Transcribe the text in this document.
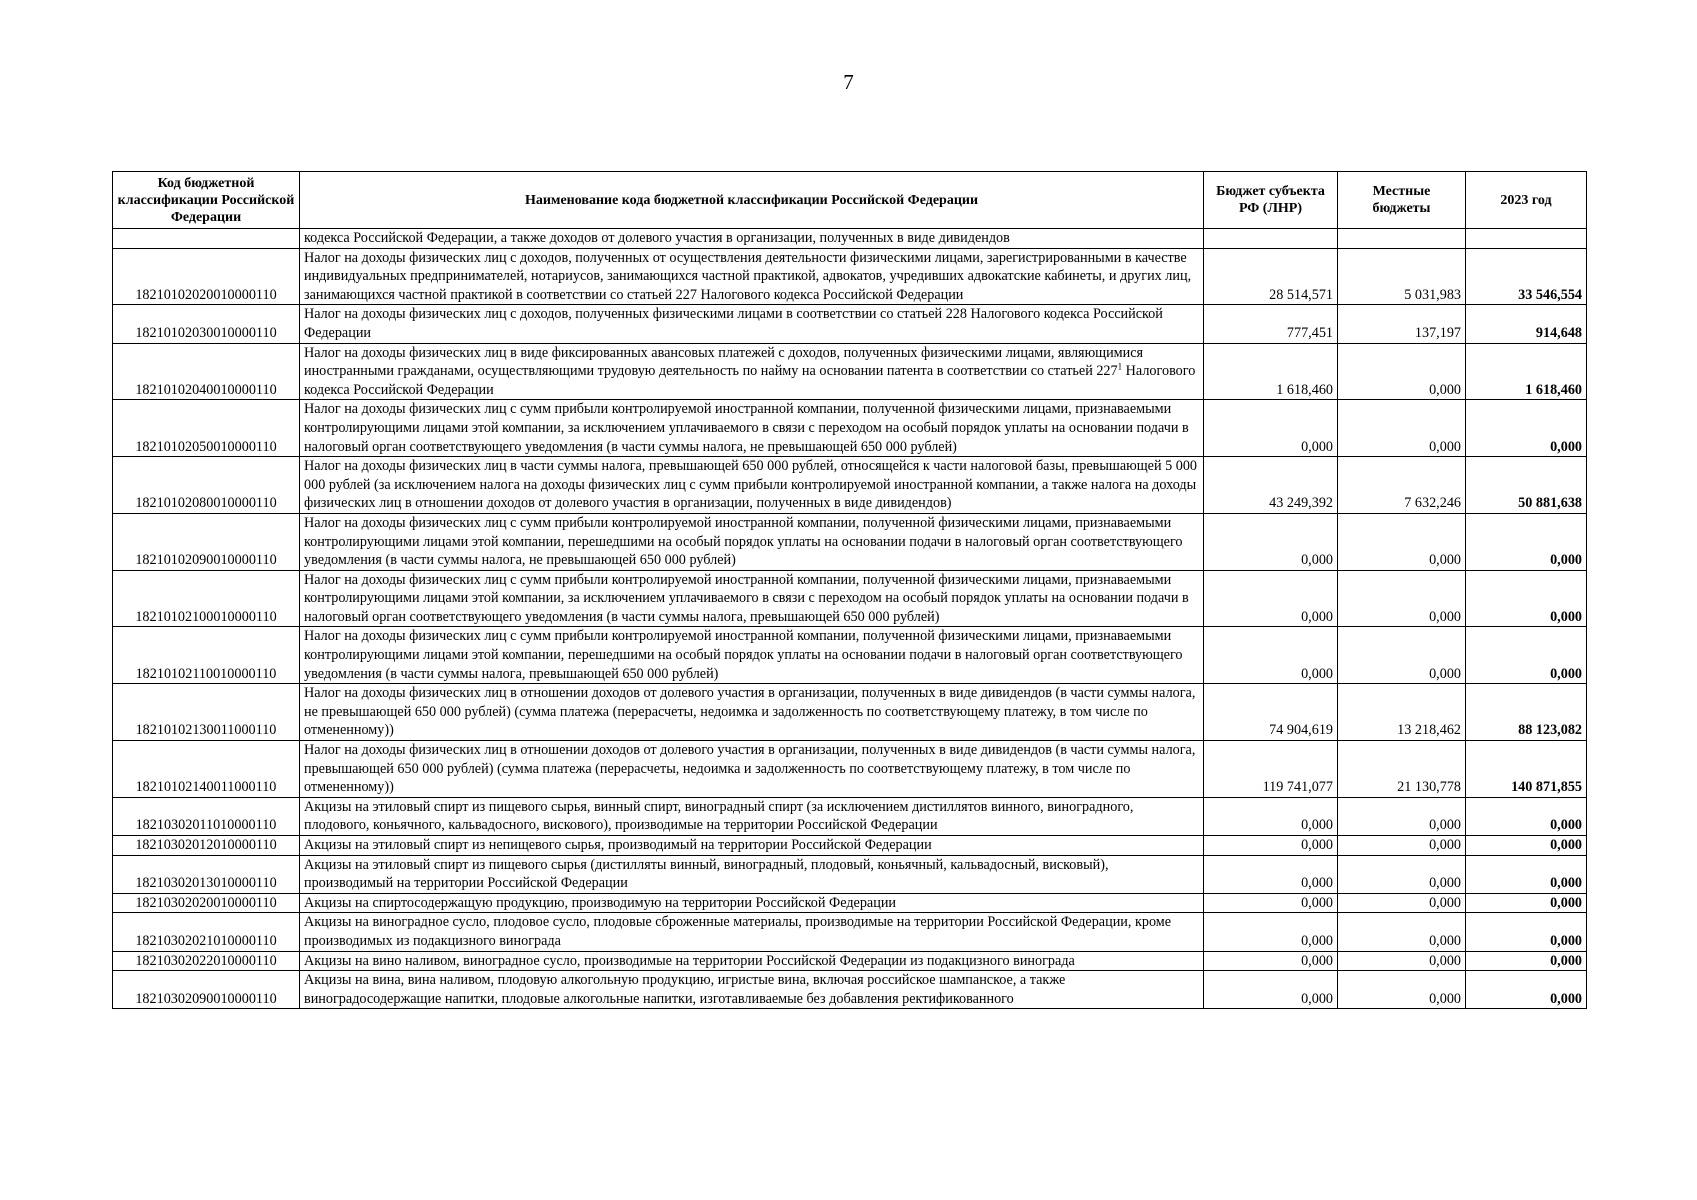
7
Код бюджетной классификации Российской Федерации	Наименование кода бюджетной классификации Российской Федерации	Бюджет субъекта РФ (ЛНР)	Местные бюджеты	2023 год
	кодекса Российской Федерации, а также доходов от долевого участия в организации, полученных в виде дивидендов			
18210102020010000110	Налог на доходы физических лиц с доходов, полученных от осуществления деятельности физическими лицами, зарегистрированными в качестве индивидуальных предпринимателей, нотариусов, занимающихся частной практикой, адвокатов, учредивших адвокатские кабинеты, и других лиц, занимающихся частной практикой в соответствии со статьей 227 Налогового кодекса Российской Федерации	28 514,571	5 031,983	33 546,554
18210102030010000110	Налог на доходы физических лиц с доходов, полученных физическими лицами в соответствии со статьей 228 Налогового кодекса Российской Федерации	777,451	137,197	914,648
18210102040010000110	Налог на доходы физических лиц в виде фиксированных авансовых платежей с доходов, полученных физическими лицами, являющимися иностранными гражданами, осуществляющими трудовую деятельность по найму на основании патента в соответствии со статьей $227^1$ Налогового кодекса Российской Федерации	1 618,460	0,000	1 618,460
18210102050010000110	Налог на доходы физических лиц с сумм прибыли контролируемой иностранной компании, полученной физическими лицами, признаваемыми контролирующими лицами этой компании, за исключением уплачиваемого в связи с переходом на особый порядок уплаты на основании подачи в налоговый орган соответствующего уведомления (в части суммы налога, не превышающей 650 000 рублей)	0,000	0,000	0,000
18210102080010000110	Налог на доходы физических лиц в части суммы налога, превышающей 650 000 рублей, относящейся к части налоговой базы, превышающей 5 000 000 рублей (за исключением налога на доходы физических лиц с сумм прибыли контролируемой иностранной компании, а также налога на доходы физических лиц в отношении доходов от долевого участия в организации, полученных в виде дивидендов)	43 249,392	7 632,246	50 881,638
18210102090010000110	Налог на доходы физических лиц с сумм прибыли контролируемой иностранной компании, полученной физическими лицами, признаваемыми контролирующими лицами этой компании, перешедшими на особый порядок уплаты на основании подачи в налоговый орган соответствующего уведомления (в части суммы налога, не превышающей 650 000 рублей)	0,000	0,000	0,000
18210102100010000110	Налог на доходы физических лиц с сумм прибыли контролируемой иностранной компании, полученной физическими лицами, признаваемыми контролирующими лицами этой компании, за исключением уплачиваемого в связи с переходом на особый порядок уплаты на основании подачи в налоговый орган соответствующего уведомления (в части суммы налога, превышающей 650 000 рублей)	0,000	0,000	0,000
18210102110010000110	Налог на доходы физических лиц с сумм прибыли контролируемой иностранной компании, полученной физическими лицами, признаваемыми контролирующими лицами этой компании, перешедшими на особый порядок уплаты на основании подачи в налоговый орган соответствующего уведомления (в части суммы налога, превышающей 650 000 рублей)	0,000	0,000	0,000
18210102130011000110	Налог на доходы физических лиц в отношении доходов от долевого участия в организации, полученных в виде дивидендов (в части суммы налога, не превышающей 650 000 рублей) (сумма платежа (перерасчеты, недоимка и задолженность по соответствующему платежу, в том числе по отмененному))	74 904,619	13 218,462	88 123,082
18210102140011000110	Налог на доходы физических лиц в отношении доходов от долевого участия в организации, полученных в виде дивидендов (в части суммы налога, превышающей 650 000 рублей) (сумма платежа (перерасчеты, недоимка и задолженность по соответствующему платежу, в том числе по отмененному))	119 741,077	21 130,778	140 871,855
18210302011010000110	Акцизы на этиловый спирт из пищевого сырья, винный спирт, виноградный спирт (за исключением дистиллятов винного, виноградного, плодового, коньячного, кальвадосного, вискового), производимые на территории Российской Федерации	0,000	0,000	0,000
18210302012010000110	Акцизы на этиловый спирт из непищевого сырья, производимый на территории Российской Федерации	0,000	0,000	0,000
18210302013010000110	Акцизы на этиловый спирт из пищевого сырья (дистилляты винный, виноградный, плодовый, коньячный, кальвадосный, висковый), производимый на территории Российской Федерации	0,000	0,000	0,000
18210302020010000110	Акцизы на спиртосодержащую продукцию, производимую на территории Российской Федерации	0,000	0,000	0,000
18210302021010000110	Акцизы на виноградное сусло, плодовое сусло, плодовые сброженные материалы, производимые на территории Российской Федерации, кроме производимых из подакцизного винограда	0,000	0,000	0,000
18210302022010000110	Акцизы на вино наливом, виноградное сусло, производимые на территории Российской Федерации из подакцизного винограда	0,000	0,000	0,000
18210302090010000110	Акцизы на вина, вина наливом, плодовую алкогольную продукцию, игристые вина, включая российское шампанское, а также виноградосодержащие напитки, плодовые алкогольные напитки, изготавливаемые без добавления ректификованного	0,000	0,000	0,000
